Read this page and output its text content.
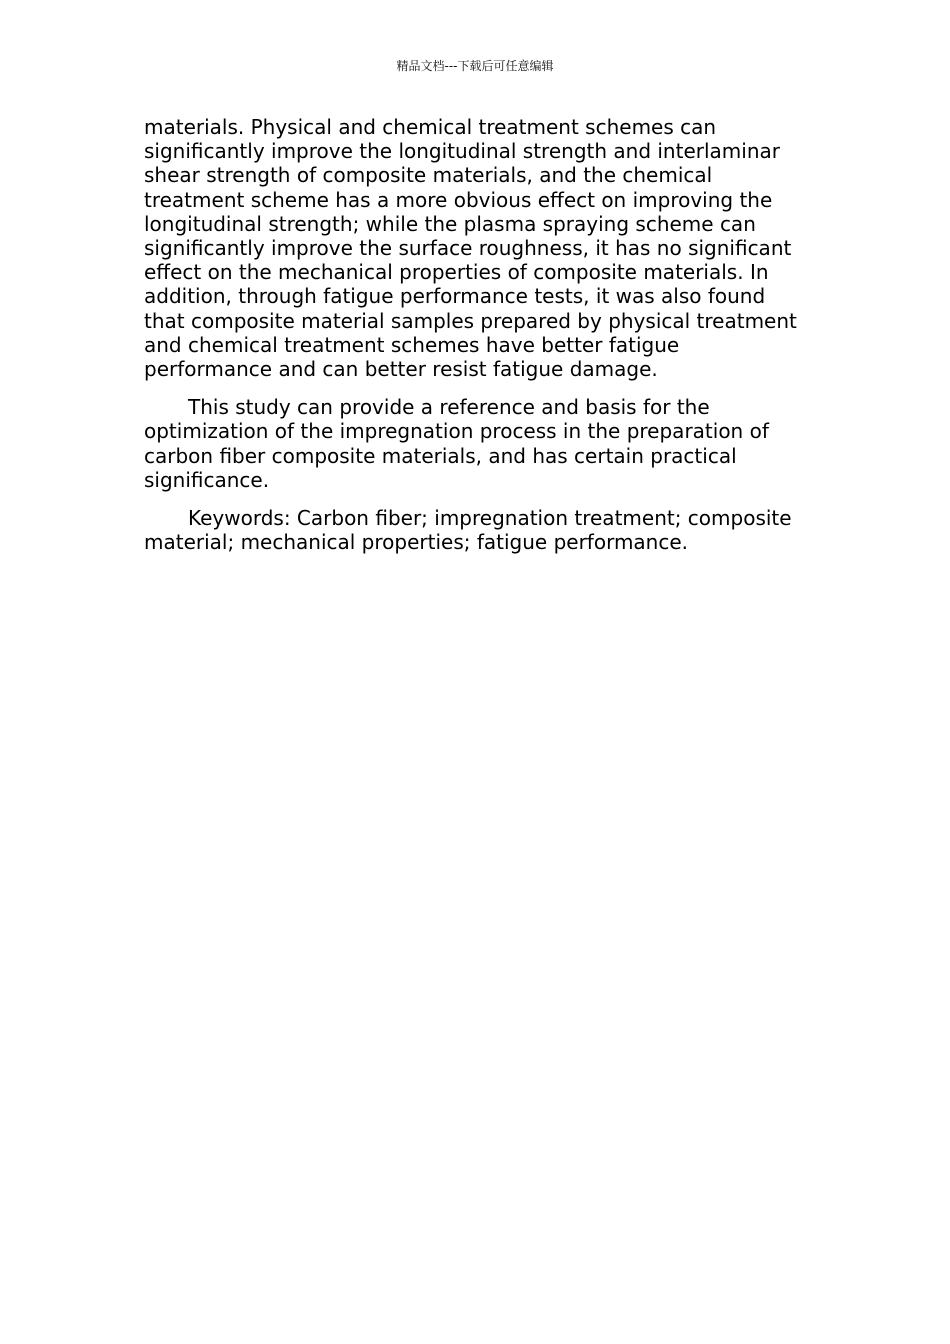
精品文档---下载后可任意编辑

materials. Physical and chemical treatment schemes can significantly improve the longitudinal strength and interlaminar shear strength of composite materials, and the chemical treatment scheme has a more obvious effect on improving the longitudinal strength; while the plasma spraying scheme can significantly improve the surface roughness, it has no significant effect on the mechanical properties of composite materials. In addition, through fatigue performance tests, it was also found that composite material samples prepared by physical treatment and chemical treatment schemes have better fatigue performance and can better resist fatigue damage.

This study can provide a reference and basis for the optimization of the impregnation process in the preparation of carbon fiber composite materials, and has certain practical significance.

Keywords: Carbon fiber; impregnation treatment; composite material; mechanical properties; fatigue performance.
